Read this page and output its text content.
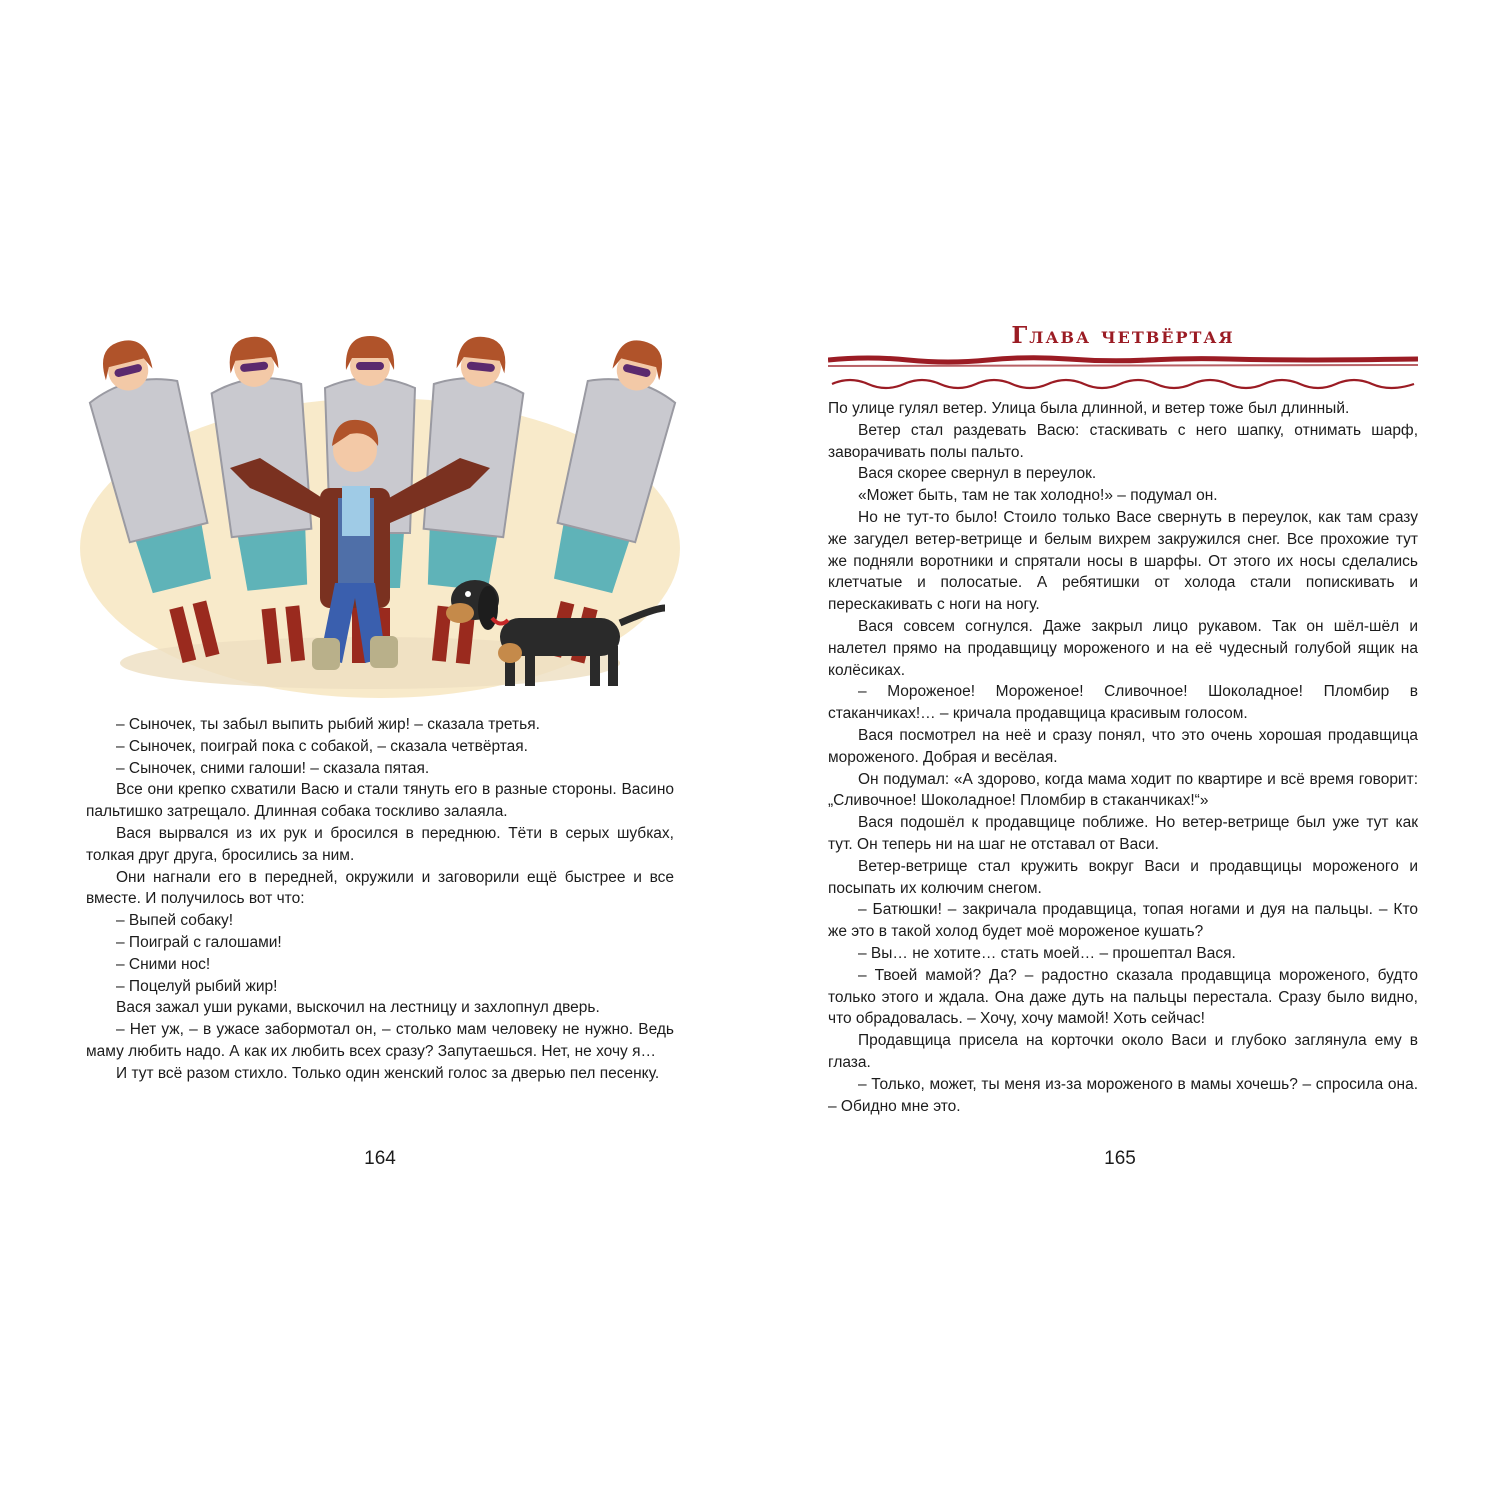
– Сыночек, ты забыл выпить рыбий жир! – сказала третья.

– Сыночек, поиграй пока с собакой, – сказала четвёртая.

– Сыночек, сними галоши! – сказала пятая.

Все они крепко схватили Васю и стали тянуть его в разные стороны. Васино пальтишко затрещало. Длинная собака тоскливо залаяла.

Вася вырвался из их рук и бросился в переднюю. Тёти в серых шубках, толкая друг друга, бросились за ним.

Они нагнали его в передней, окружили и заговорили ещё быстрее и все вместе. И получилось вот что:

– Выпей собаку!

– Поиграй с галошами!

– Сними нос!

– Поцелуй рыбий жир!

Вася зажал уши руками, выскочил на лестницу и захлопнул дверь.

– Нет уж, – в ужасе забормотал он, – столько мам человеку не нужно. Ведь маму любить надо. А как их любить всех сразу? Запутаешься. Нет, не хочу я…

И тут всё разом стихло. Только один женский голос за дверью пел песенку.

164
Глава четвёртая

По улице гулял ветер. Улица была длинной, и ветер тоже был длинный.

Ветер стал раздевать Васю: стаскивать с него шапку, отнимать шарф, заворачивать полы пальто.

Вася скорее свернул в переулок.

«Может быть, там не так холодно!» – подумал он.

Но не тут-то было! Стоило только Васе свернуть в переулок, как там сразу же загудел ветер-ветрище и белым вихрем закружился снег. Все прохожие тут же подняли воротники и спрятали носы в шарфы. От этого их носы сделались клетчатые и полосатые. А ребятишки от холода стали попискивать и перескакивать с ноги на ногу.

Вася совсем согнулся. Даже закрыл лицо рукавом. Так он шёл-шёл и налетел прямо на продавщицу мороженого и на её чудесный голубой ящик на колёсиках.

– Мороженое! Мороженое! Сливочное! Шоколадное! Пломбир в стаканчиках!… – кричала продавщица красивым голосом.

Вася посмотрел на неё и сразу понял, что это очень хорошая продавщица мороженого. Добрая и весёлая.

Он подумал: «А здорово, когда мама ходит по квартире и всё время говорит: „Сливочное! Шоколадное! Пломбир в стаканчиках!“»

Вася подошёл к продавщице поближе. Но ветер-ветрище был уже тут как тут. Он теперь ни на шаг не отставал от Васи.

Ветер-ветрище стал кружить вокруг Васи и продавщицы мороженого и посыпать их колючим снегом.

– Батюшки! – закричала продавщица, топая ногами и дуя на пальцы. – Кто же это в такой холод будет моё мороженое кушать?

– Вы… не хотите… стать моей… – прошептал Вася.

– Твоей мамой? Да? – радостно сказала продавщица мороженого, будто только этого и ждала. Она даже дуть на пальцы перестала. Сразу было видно, что обрадовалась. – Хочу, хочу мамой! Хоть сейчас!

Продавщица присела на корточки около Васи и глубоко заглянула ему в глаза.

– Только, может, ты меня из-за мороженого в мамы хочешь? – спросила она. – Обидно мне это.

165
